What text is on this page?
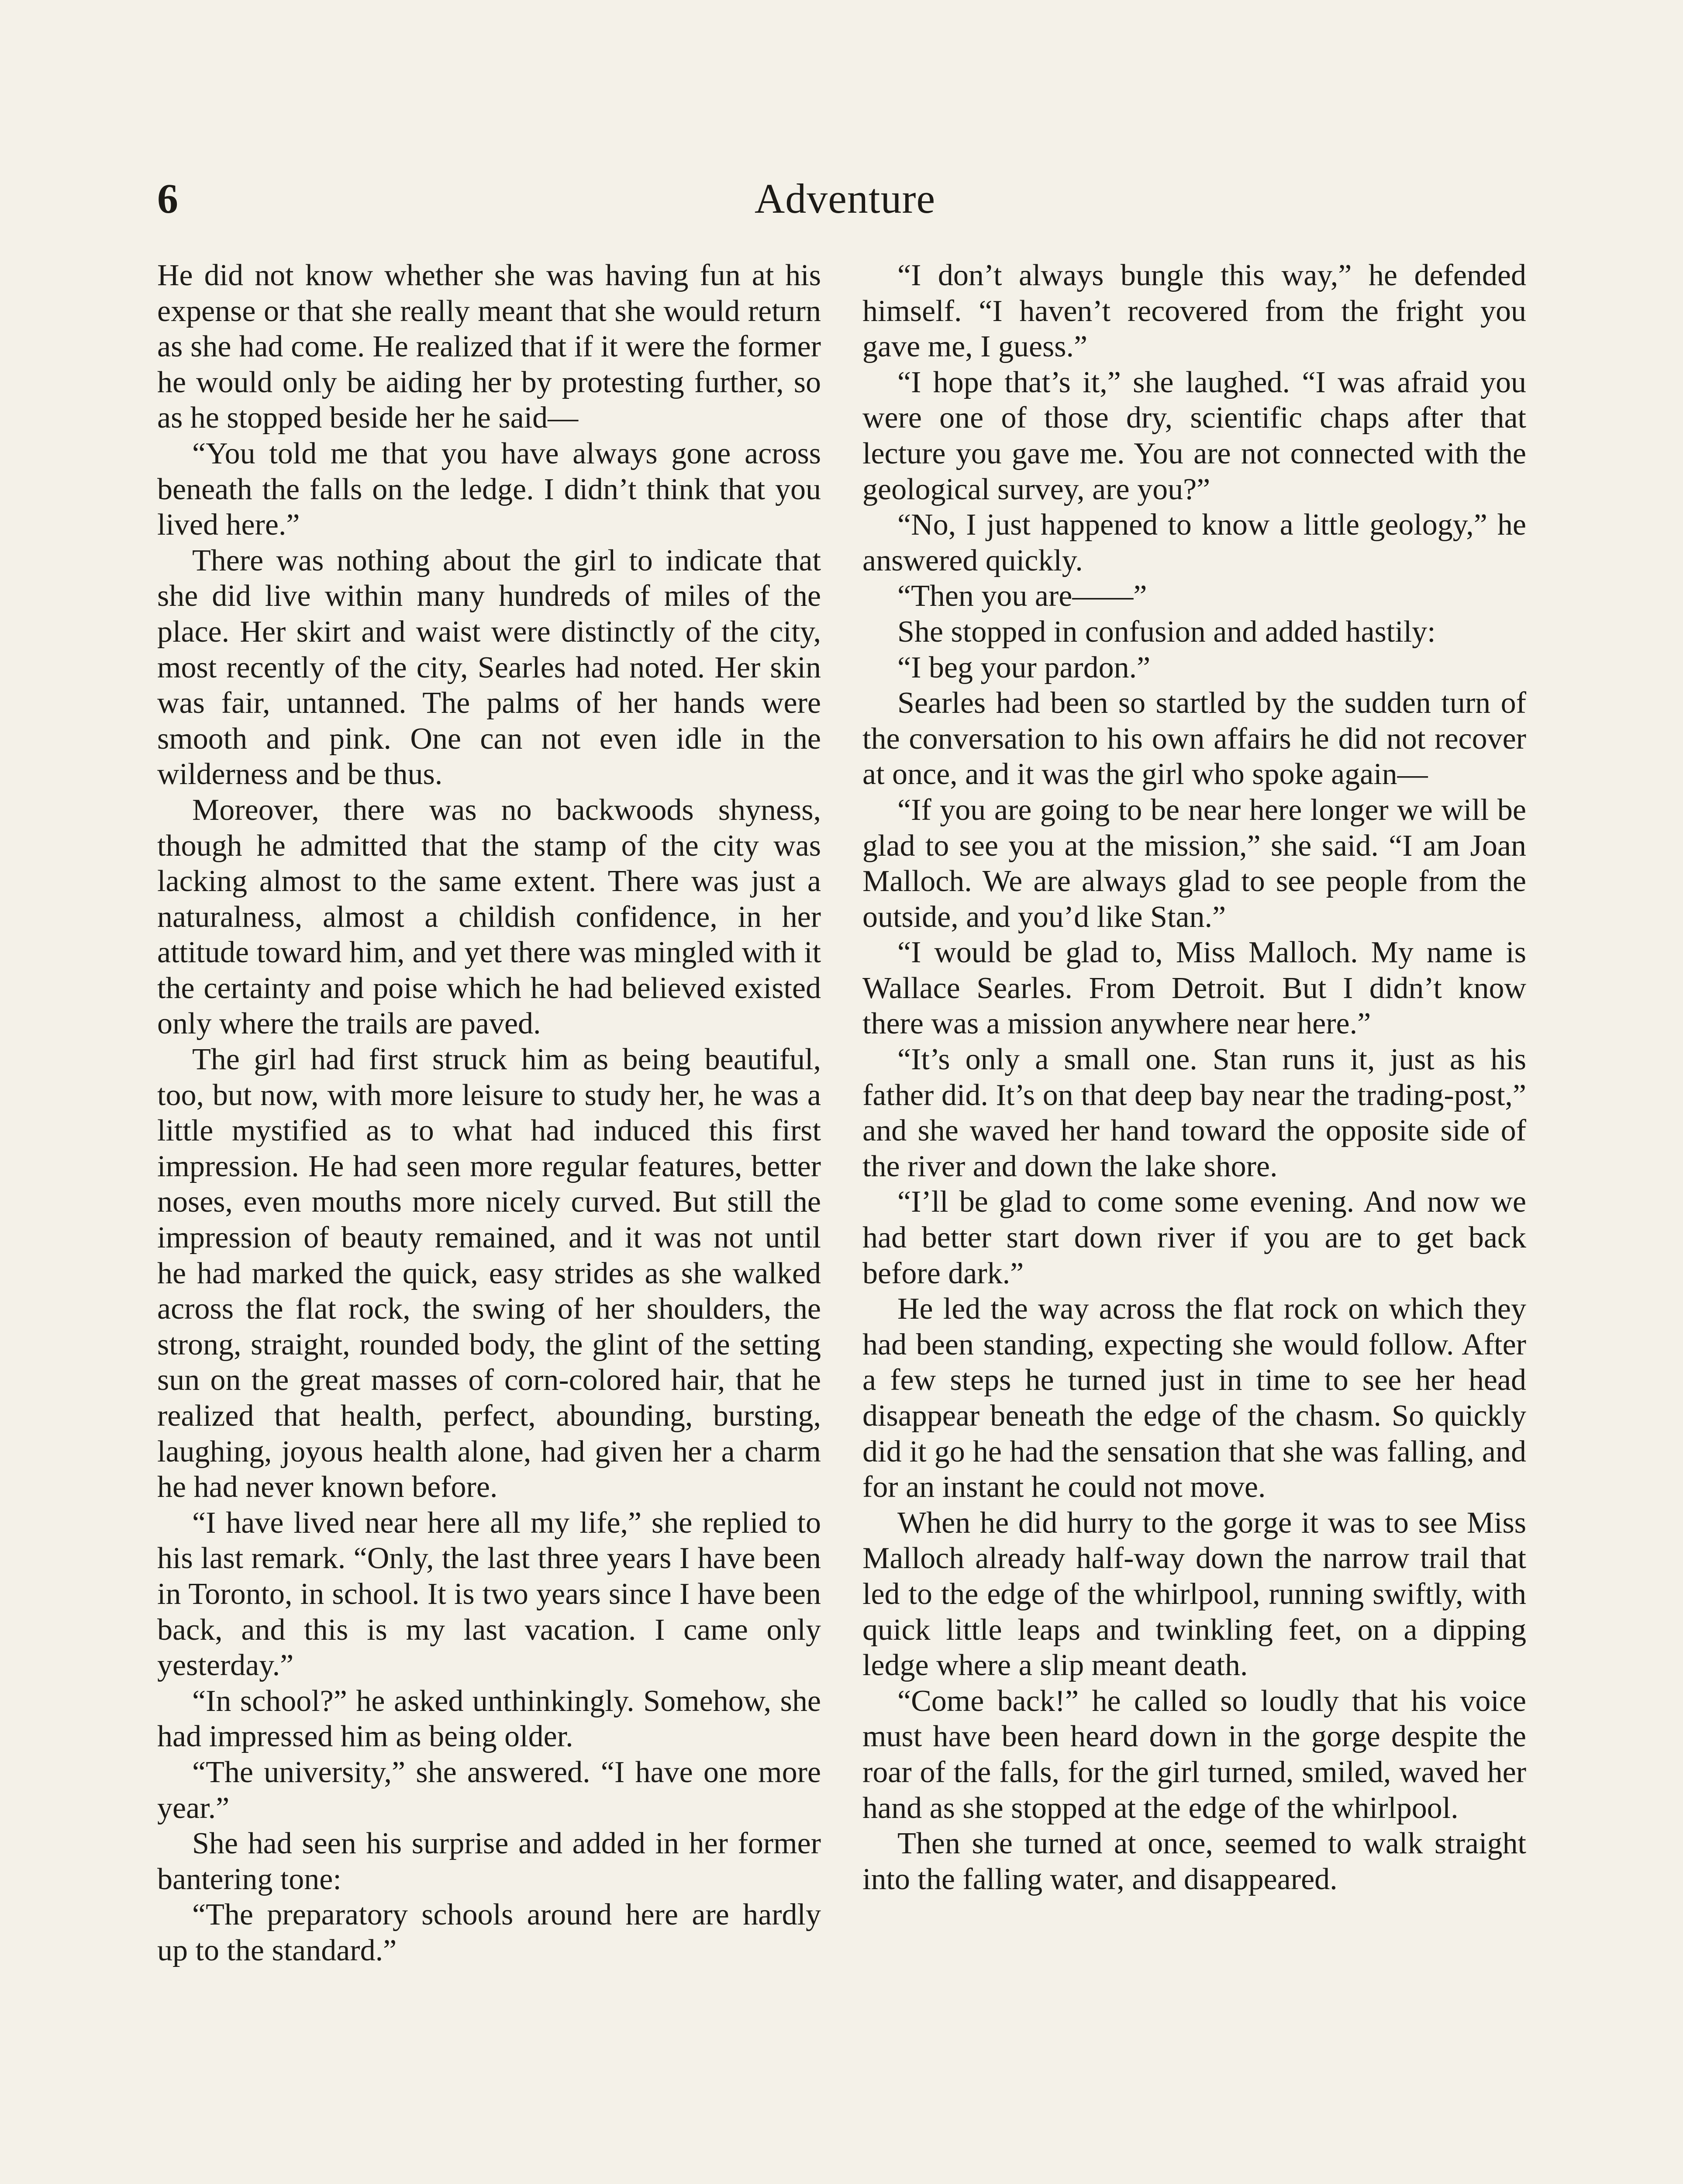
6	Adventure

He did not know whether she was having fun at his expense or that she really meant that she would return as she had come. He realized that if it were the former he would only be aiding her by protesting further, so as he stopped beside her he said—

“You told me that you have always gone across beneath the falls on the ledge. I didn’t think that you lived here.”

There was nothing about the girl to indicate that she did live within many hundreds of miles of the place. Her skirt and waist were distinctly of the city, most recently of the city, Searles had noted. Her skin was fair, untanned. The palms of her hands were smooth and pink. One can not even idle in the wilderness and be thus.

Moreover, there was no backwoods shyness, though he admitted that the stamp of the city was lacking almost to the same extent. There was just a naturalness, almost a childish confidence, in her attitude toward him, and yet there was mingled with it the certainty and poise which he had believed existed only where the trails are paved.

The girl had first struck him as being beautiful, too, but now, with more leisure to study her, he was a little mystified as to what had induced this first impression. He had seen more regular features, better noses, even mouths more nicely curved. But still the impression of beauty remained, and it was not until he had marked the quick, easy strides as she walked across the flat rock, the swing of her shoulders, the strong, straight, rounded body, the glint of the setting sun on the great masses of corn-colored hair, that he realized that health, perfect, abounding, bursting, laughing, joyous health alone, had given her a charm he had never known before.

“I have lived near here all my life,” she replied to his last remark. “Only, the last three years I have been in Toronto, in school. It is two years since I have been back, and this is my last vacation. I came only yesterday.”

“In school?” he asked unthinkingly. Somehow, she had impressed him as being older.

“The university,” she answered. “I have one more year.”

She had seen his surprise and added in her former bantering tone:

“The preparatory schools around here are hardly up to the standard.”

“I don’t always bungle this way,” he defended himself. “I haven’t recovered from the fright you gave me, I guess.”

“I hope that’s it,” she laughed. “I was afraid you were one of those dry, scientific chaps after that lecture you gave me. You are not connected with the geological survey, are you?”

“No, I just happened to know a little geology,” he answered quickly.

“Then you are——”

She stopped in confusion and added hastily:

“I beg your pardon.”

Searles had been so startled by the sudden turn of the conversation to his own affairs he did not recover at once, and it was the girl who spoke again—

“If you are going to be near here longer we will be glad to see you at the mission,” she said. “I am Joan Malloch. We are always glad to see people from the outside, and you’d like Stan.”

“I would be glad to, Miss Malloch. My name is Wallace Searles. From Detroit. But I didn’t know there was a mission anywhere near here.”

“It’s only a small one. Stan runs it, just as his father did. It’s on that deep bay near the trading-post,” and she waved her hand toward the opposite side of the river and down the lake shore.

“I’ll be glad to come some evening. And now we had better start down river if you are to get back before dark.”

He led the way across the flat rock on which they had been standing, expecting she would follow. After a few steps he turned just in time to see her head disappear beneath the edge of the chasm. So quickly did it go he had the sensation that she was falling, and for an instant he could not move.

When he did hurry to the gorge it was to see Miss Malloch already half-way down the narrow trail that led to the edge of the whirlpool, running swiftly, with quick little leaps and twinkling feet, on a dipping ledge where a slip meant death.

“Come back!” he called so loudly that his voice must have been heard down in the gorge despite the roar of the falls, for the girl turned, smiled, waved her hand as she stopped at the edge of the whirlpool.

Then she turned at once, seemed to walk straight into the falling water, and disappeared.
